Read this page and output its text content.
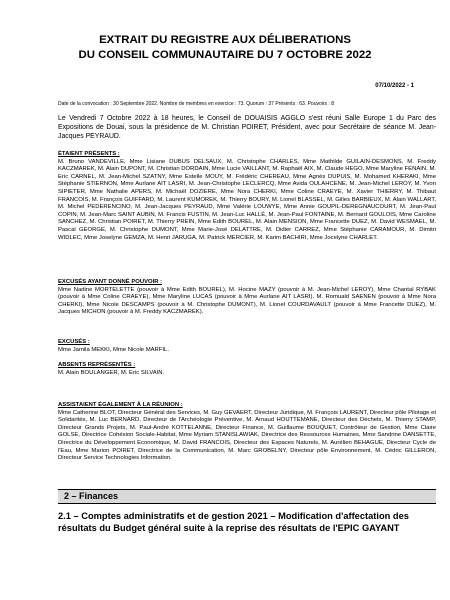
EXTRAIT DU REGISTRE AUX DÉLIBERATIONS
DU CONSEIL COMMUNAUTAIRE DU 7 OCTOBRE 2022
07/10/2022 - 1
Date de la convocation : 30 Septembre 2022. Nombre de membres en exercice : 73. Quorum : 37 Présents : 63. Pouvoirs : 8
Le Vendredi 7 Octobre 2022 à 18 heures, le Conseil de DOUAISIS AGGLO s'est réuni Salle Europe 1 du Parc des Expositions de Douai, sous la présidence de M. Christian POIRET, Président, avec pour Secrétaire de séance M. Jean-Jacques PEYRAUD.
ÉTAIENT PRÉSENTS :

M. Bruno VANDEVILLE, Mme Lisiane DUBUS DELSAUX, M. Christophe CHARLES, Mme Mathilde GUILAIN-DESMONS, M. Freddy KACZMAREK, M. Alain DUPONT, M. Christian DORDAIN, Mme Lucie VAILLANT, M. Raphaël AIX, M. Claude HEGO, Mme Maryline FENAIN, M. Eric CARNEL, M. Jean-Michel SZATNY, Mme Estelle MOUY, M. Frédéric CHEREAU, Mme Agnès DUPUIS, M. Mohamed KHERAKI, Mme Stéphanie STIERNON, Mme Aurlane AIT LASRI, M. Jean-Christophe LECLERCQ, Mme Avida OULAHCENE, M. Jean-Michel LEROY, M. Yvon SIPIETER, Mme Nathalie APERS, M. Michaël DOZIERE, Mme Nora CHERKI, Mme Coline CRAEYE, M. Xavier THIERRY, M. Thibaut FRANCOIS, M. François GUIFFARD, M. Laurent KUMOREK, M. Thierry BOURY, M. Lionel BLASSEL, M. Gilles BARBIEUX, M. Alain WALLART, M. Michel PEDERENCINO, M. Jean-Jacques PEYRAUD, Mme Valérie LOUWYE, Mme Annie GOUPIL-DEREGNAUCOURT, M. Jean-Paul COPIN, M. Jean-Marc SAINT AUBIN, M. Francis FUSTIN, M. Jean-Luc HALLÉ, M. Jean-Paul FONTAINE, M. Bernard GOULOIS, Mme Caroline SANCHEZ, M. Christian POIRET, M. Thierry PREIN, Mme Edith BOUREL, M. Alain MENSION, Mme Francette DUEZ, M. David WESMAEL, M. Pascal GEORGE, M. Christophe DUMONT, Mme Marie-José DELATTRE, M. Didier CARREZ, Mme Stéphanie CARAMOUR, M. Dimitri WIDLEC, Mme Joselyne GEMZA, M. Henri JARUGA, M. Patrick MERCIER, M. Karim BACHIRI, Mme Jocelyne CHARLET.

EXCUSÉS AYANT DONNÉ POUVOIR :

Mme Nadine MORTELETTE (pouvoir à Mme Edith BOUREL), M. Hocine MAZY (pouvoir à M. Jean-Michel LEROY), Mme Chantal RYBAK (pouvoir à Mme Coline CRAEYE), Mme Maryline LUCAS (pouvoir à Mme Aurlane AIT LASRI), M. Romuald SAENEN (pouvoir à Mme Nora CHERKI), Mme Nicole DESCAMPS (pouvoir à M. Christophe DUMONT), M. Lionel COURDAVAULT (pouvoir à Mme Francette DUEZ), M. Jacques MICHON (pouvoir à M. Freddy KACZMAREK).

EXCUSÉS :

Mme Jamila MEKKI, Mme Nicole MARFIL.

ABSENTS REPRÉSENTÉS :

M. Alain BOULANGER, M. Eric SILVAIN.

ASSISTAIENT ÉGALEMENT À LA RÉUNION :

Mme Catherine BLOT, Directeur Général des Services, M. Guy GEVAERT, Directeur Juridique, M. François LAURENT, Directeur pôle Pilotage et Solidarités, M. Luc BERNARD, Directeur de l'Archéologie Préventive, M. Arnaud HOUTTEMANE, Directeur des Déchets, M. Thierry STAMP, Directeur Grands Projets, M. Paul-André KOTTELANNE, Directeur Finance, M. Guillaume BOUQUET, Contrôleur de Gestion, Mme Claire GOLSE, Directrice Cohésion Sociale-Habitat, Mme Myriam STANISLAWIAK, Directrice des Ressources Humaines, Mme Sandrine DANSETTE, Directrice du Développement Economique, M. David FRANCOIS, Directeur des Espaces Naturels, M. Aurélien BEHAGUE, Directeur Cycle de l'Eau, Mme Marion POIRET, Directrice de la Communication, M. Marc GROBELNY, Directeur pôle Environnement, M. Cédric GILLERON, Directeur Service Technologies Information.

2 – Finances
2.1 – Comptes administratifs et de gestion 2021 – Modification d'affectation des résultats du Budget général suite à la reprise des résultats de l'EPIC GAYANT
